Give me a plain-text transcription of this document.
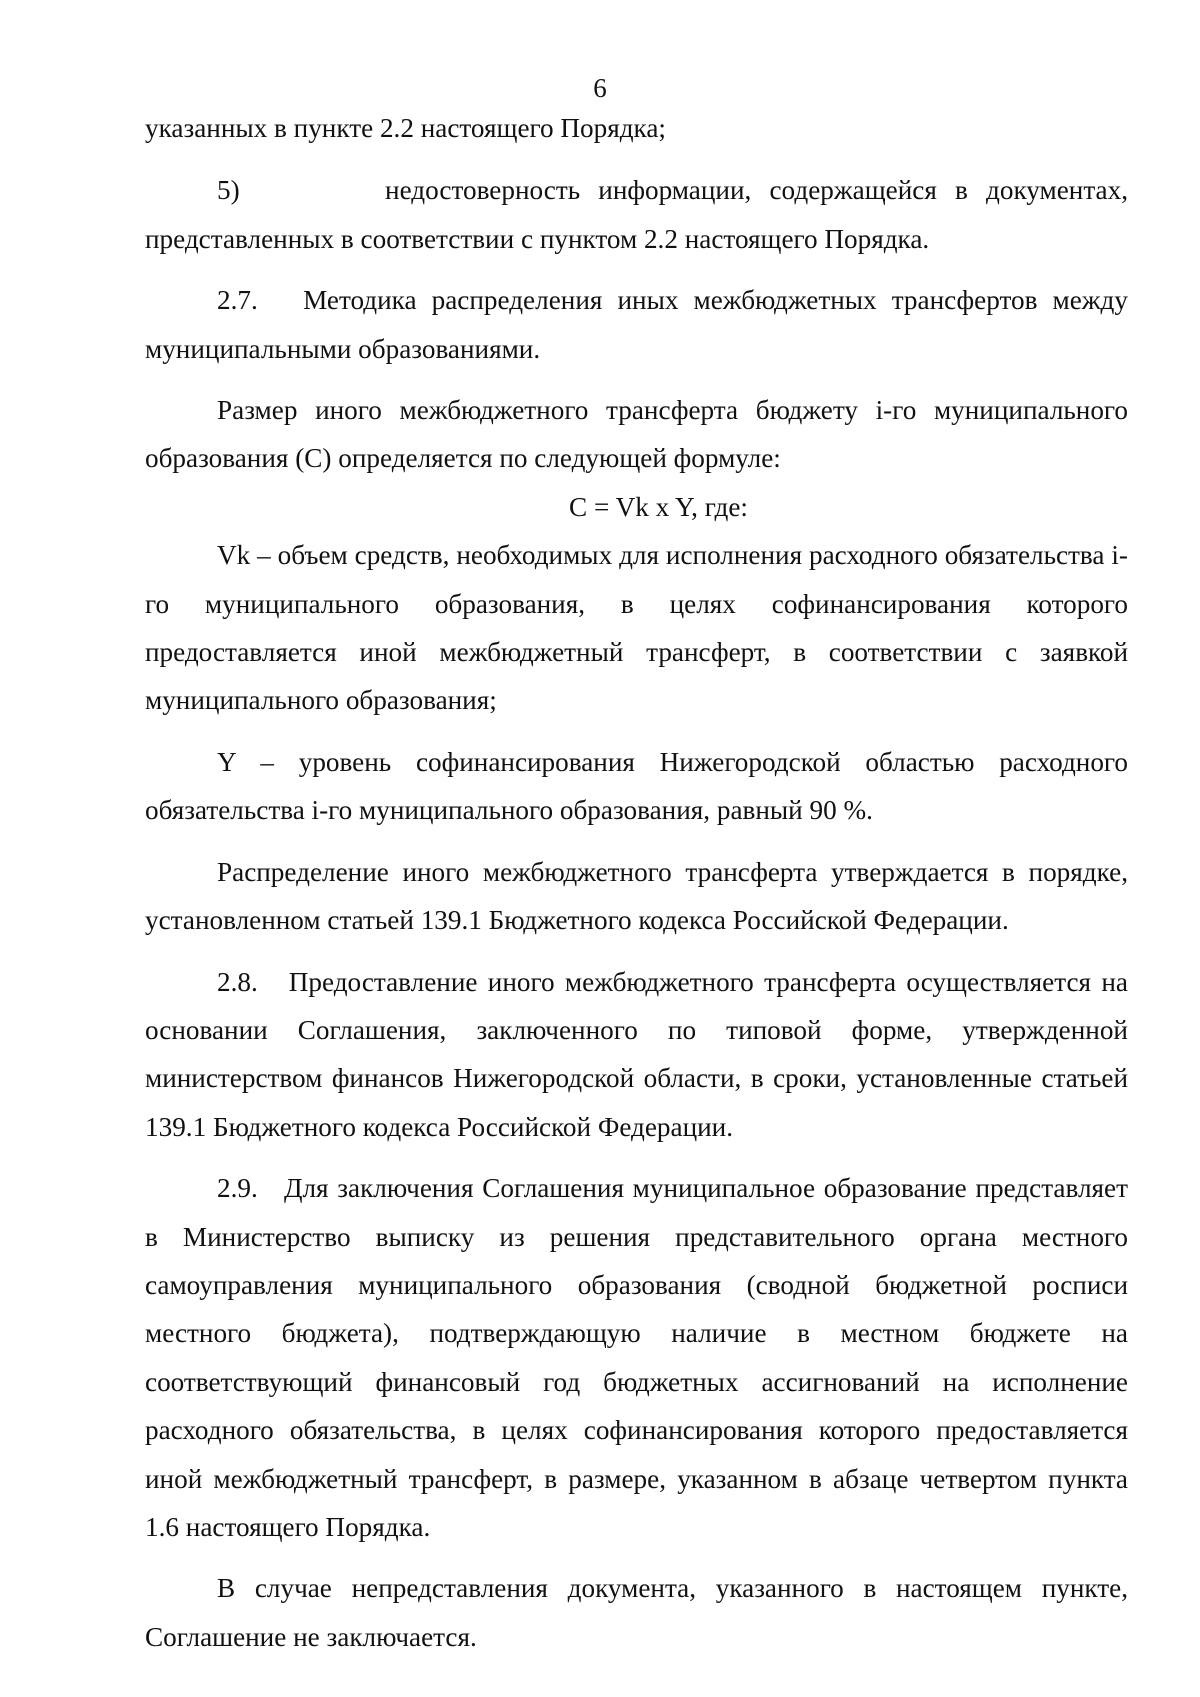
6

указанных в пункте 2.2 настоящего Порядка;

5)        недостоверность информации, содержащейся в документах, представленных в соответствии с пунктом 2.2 настоящего Порядка.

2.7.   Методика распределения иных межбюджетных трансфертов между муниципальными образованиями.

Размер иного межбюджетного трансферта бюджету i-го муниципального образования (С) определяется по следующей формуле:

C = Vk x Y, где:

Vk – объем средств, необходимых для исполнения расходного обязательства i-го муниципального образования, в целях софинансирования которого предоставляется иной межбюджетный трансферт, в соответствии с заявкой муниципального образования;

Y – уровень софинансирования Нижегородской областью расходного обязательства i-го муниципального образования, равный 90 %.

Распределение иного межбюджетного трансферта утверждается в порядке, установленном статьей 139.1 Бюджетного кодекса Российской Федерации.

2.8.   Предоставление иного межбюджетного трансферта осуществляется на основании Соглашения, заключенного по типовой форме, утвержденной министерством финансов Нижегородской области, в сроки, установленные статьей 139.1 Бюджетного кодекса Российской Федерации.

2.9.   Для заключения Соглашения муниципальное образование представляет в Министерство выписку из решения представительного органа местного самоуправления муниципального образования (сводной бюджетной росписи местного бюджета), подтверждающую наличие в местном бюджете на соответствующий финансовый год бюджетных ассигнований на исполнение расходного обязательства, в целях софинансирования которого предоставляется иной межбюджетный трансферт, в размере, указанном в абзаце четвертом пункта 1.6 настоящего Порядка.

В случае непредставления документа, указанного в настоящем пункте, Соглашение не заключается.
